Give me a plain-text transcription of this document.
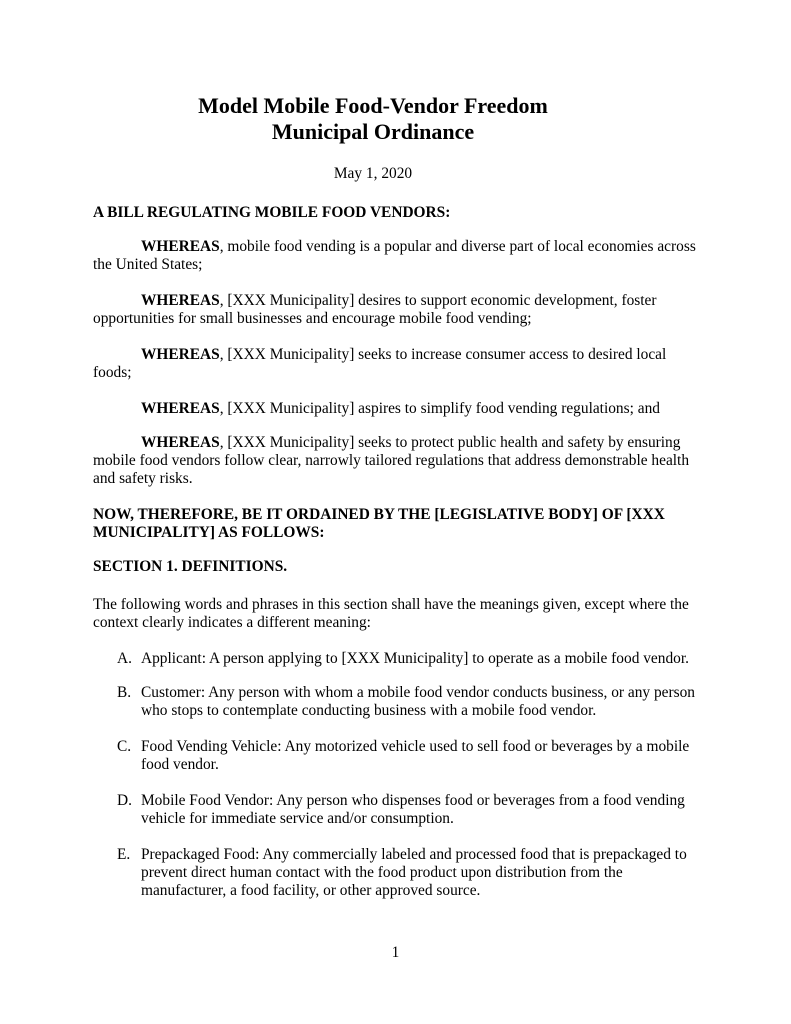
Model Mobile Food-Vendor Freedom
Municipal Ordinance
May 1, 2020
A BILL REGULATING MOBILE FOOD VENDORS:

WHEREAS, mobile food vending is a popular and diverse part of local economies across the United States;

WHEREAS, [XXX Municipality] desires to support economic development, foster opportunities for small businesses and encourage mobile food vending;

WHEREAS, [XXX Municipality] seeks to increase consumer access to desired local foods;

WHEREAS, [XXX Municipality] aspires to simplify food vending regulations; and

WHEREAS, [XXX Municipality] seeks to protect public health and safety by ensuring mobile food vendors follow clear, narrowly tailored regulations that address demonstrable health and safety risks.

NOW, THEREFORE, BE IT ORDAINED BY THE [LEGISLATIVE BODY] OF [XXX MUNICIPALITY] AS FOLLOWS:

SECTION 1. DEFINITIONS.

The following words and phrases in this section shall have the meanings given, except where the context clearly indicates a different meaning:

A. Applicant: A person applying to [XXX Municipality] to operate as a mobile food vendor.
B. Customer: Any person with whom a mobile food vendor conducts business, or any person who stops to contemplate conducting business with a mobile food vendor.
C. Food Vending Vehicle: Any motorized vehicle used to sell food or beverages by a mobile food vendor.
D. Mobile Food Vendor: Any person who dispenses food or beverages from a food vending vehicle for immediate service and/or consumption.
E. Prepackaged Food: Any commercially labeled and processed food that is prepackaged to prevent direct human contact with the food product upon distribution from the manufacturer, a food facility, or other approved source.
1
